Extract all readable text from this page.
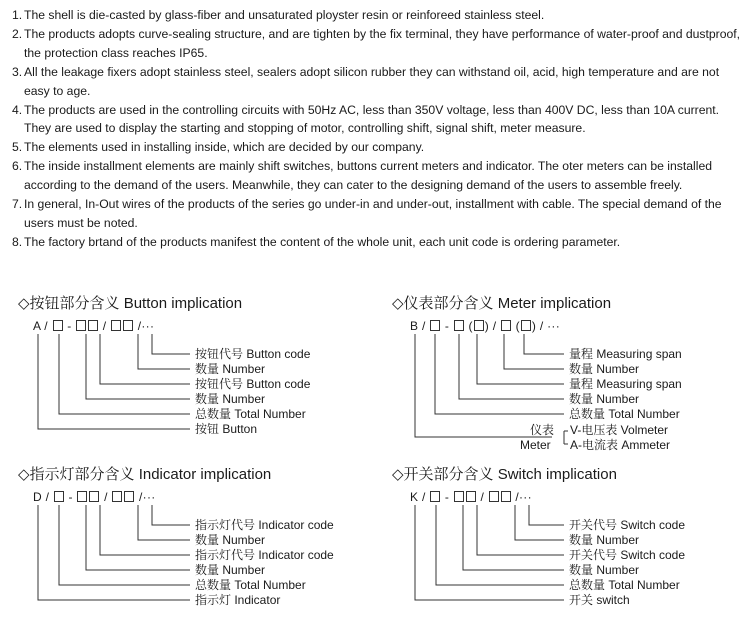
1. The shell is die-casted by glass-fiber and unsaturated ployster resin or reinforeed stainless steel.
2. The products adopts curve-sealing structure, and are tighten by the fix terminal, they have performance of water-proof and dustproof, the protection class reaches IP65.
3. All the leakage fixers adopt stainless steel, sealers adopt silicon rubber they can withstand oil, acid, high temperature and are not easy to age.
4. The products are used in the controlling circuits with 50Hz AC, less than 350V voltage, less than 400V DC, less than 10A current. They are used to display the starting and stopping of motor, controlling shift, signal shift, meter measure.
5. The elements used in installing inside, which are decided by our company.
6. The inside installment elements are mainly shift switches, buttons current meters and indicator. The oter meters can be installed according to the demand of the users. Meanwhile, they can cater to the designing demand of the users to assemble freely.
7. In general, In-Out wires of the products of the series go under-in and under-out, installment with cable. The special demand of the users must be noted.
8. The factory brtand of the products manifest the content of the whole unit, each unit code is ordering parameter.
◇按钮部分含义 Button implication
A / -	/	/···
按钮代号 Button code
数量 Number
按钮代号 Button code
数量 Number
总数量 Total Number
按钮 Button
◇仪表部分含义 Meter implication
B / - ( ) / ( ) / ···
量程 Measuring span
数量 Number
量程 Measuring span
数量 Number
总数量 Total Number
仪表
Meter
V-电压表 Volmeter
A-电流表 Ammeter
◇指示灯部分含义 Indicator implication
D / -	/	/···
指示灯代号 Indicator code
数量 Number
指示灯代号 Indicator code
数量 Number
总数量 Total Number
指示灯 Indicator
◇开关部分含义 Switch implication
K / -	/	/···
开关代号 Switch code
数量 Number
开关代号 Switch code
数量 Number
总数量 Total Number
开关 switch
